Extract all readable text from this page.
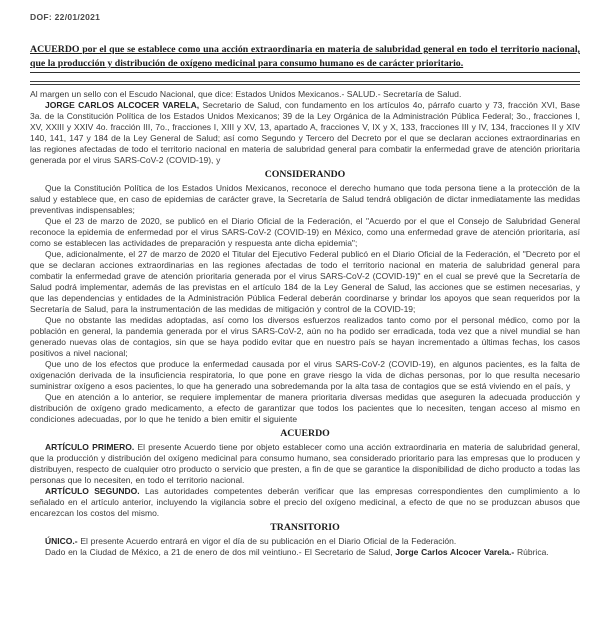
DOF: 22/01/2021
ACUERDO por el que se establece como una acción extraordinaria en materia de salubridad general en todo el territorio nacional, que la producción y distribución de oxígeno medicinal para consumo humano es de carácter prioritario.

Al margen un sello con el Escudo Nacional, que dice: Estados Unidos Mexicanos.- SALUD.- Secretaría de Salud.

JORGE CARLOS ALCOCER VARELA, Secretario de Salud, con fundamento en los artículos 4o, párrafo cuarto y 73, fracción XVI, Base 3a. de la Constitución Política de los Estados Unidos Mexicanos; 39 de la Ley Orgánica de la Administración Pública Federal; 3o., fracciones I, XV, XXIII y XXIV 4o. fracción III, 7o., fracciones I, XIII y XV, 13, apartado A, fracciones V, IX y X, 133, fracciones III y IV, 134, fracciones II y XIV 140, 141, 147 y 184 de la Ley General de Salud; así como Segundo y Tercero del Decreto por el que se declaran acciones extraordinarias en las regiones afectadas de todo el territorio nacional en materia de salubridad general para combatir la enfermedad grave de atención prioritaria generada por el virus SARS-CoV-2 (COVID-19), y

CONSIDERANDO

Que la Constitución Política de los Estados Unidos Mexicanos, reconoce el derecho humano que toda persona tiene a la protección de la salud y establece que, en caso de epidemias de carácter grave, la Secretaría de Salud tendrá obligación de dictar inmediatamente las medidas preventivas indispensables;

Que el 23 de marzo de 2020, se publicó en el Diario Oficial de la Federación, el "Acuerdo por el que el Consejo de Salubridad General reconoce la epidemia de enfermedad por el virus SARS-CoV-2 (COVID-19) en México, como una enfermedad grave de atención prioritaria, así como se establecen las actividades de preparación y respuesta ante dicha epidemia";

Que, adicionalmente, el 27 de marzo de 2020 el Titular del Ejecutivo Federal publicó en el Diario Oficial de la Federación, el "Decreto por el que se declaran acciones extraordinarias en las regiones afectadas de todo el territorio nacional en materia de salubridad general para combatir la enfermedad grave de atención prioritaria generada por el virus SARS-CoV-2 (COVID-19)" en el cual se prevé que la Secretaría de Salud podrá implementar, además de las previstas en el artículo 184 de la Ley General de Salud, las acciones que se estimen necesarias, y que las dependencias y entidades de la Administración Pública Federal deberán coordinarse y brindar los apoyos que sean requeridos por la Secretaría de Salud, para la instrumentación de las medidas de mitigación y control de la COVID-19;

Que no obstante las medidas adoptadas, así como los diversos esfuerzos realizados tanto como por el personal médico, como por la población en general, la pandemia generada por el virus SARS-CoV-2, aún no ha podido ser erradicada, toda vez que a nivel mundial se han generado nuevas olas de contagios, sin que se haya podido evitar que en nuestro país se hayan incrementado a últimas fechas, los casos positivos a nivel nacional;

Que uno de los efectos que produce la enfermedad causada por el virus SARS-CoV-2 (COVID-19), en algunos pacientes, es la falta de oxigenación derivada de la insuficiencia respiratoria, lo que pone en grave riesgo la vida de dichas personas, por lo que resulta necesario suministrar oxígeno a esos pacientes, lo que ha generado una sobredemanda por la alta tasa de contagios que se está viviendo en el país, y

Que en atención a lo anterior, se requiere implementar de manera prioritaria diversas medidas que aseguren la adecuada producción y distribución de oxígeno grado medicamento, a efecto de garantizar que todos los pacientes que lo necesiten, tengan acceso al mismo en condiciones adecuadas, por lo que he tenido a bien emitir el siguiente

ACUERDO

ARTÍCULO PRIMERO. El presente Acuerdo tiene por objeto establecer como una acción extraordinaria en materia de salubridad general, que la producción y distribución del oxígeno medicinal para consumo humano, sea considerado prioritario para las empresas que lo producen y distribuyen, respecto de cualquier otro producto o servicio que presten, a fin de que se garantice la disponibilidad de dicho producto a todas las personas que lo necesiten, en todo el territorio nacional.

ARTÍCULO SEGUNDO. Las autoridades competentes deberán verificar que las empresas correspondientes den cumplimiento a lo señalado en el artículo anterior, incluyendo la vigilancia sobre el precio del oxígeno medicinal, a efecto de que no se produzcan abusos que encarezcan los costos del mismo.

TRANSITORIO

ÚNICO.- El presente Acuerdo entrará en vigor el día de su publicación en el Diario Oficial de la Federación.

Dado en la Ciudad de México, a 21 de enero de dos mil veintiuno.- El Secretario de Salud, Jorge Carlos Alcocer Varela.- Rúbrica.
